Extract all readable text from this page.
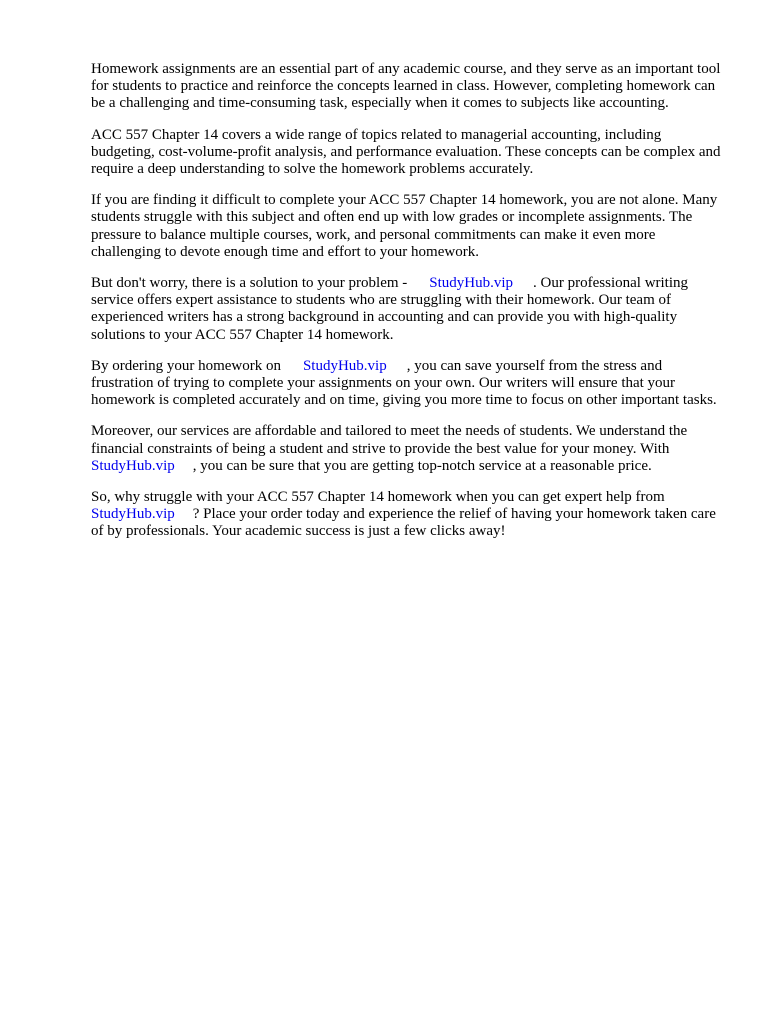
Homework assignments are an essential part of any academic course, and they serve as an important tool for students to practice and reinforce the concepts learned in class. However, completing homework can be a challenging and time-consuming task, especially when it comes to subjects like accounting.

ACC 557 Chapter 14 covers a wide range of topics related to managerial accounting, including budgeting, cost-volume-profit analysis, and performance evaluation. These concepts can be complex and require a deep understanding to solve the homework problems accurately.

If you are finding it difficult to complete your ACC 557 Chapter 14 homework, you are not alone. Many students struggle with this subject and often end up with low grades or incomplete assignments. The pressure to balance multiple courses, work, and personal commitments can make it even more challenging to devote enough time and effort to your homework.

But don't worry, there is a solution to your problem - StudyHub.vip . Our professional writing service offers expert assistance to students who are struggling with their homework. Our team of experienced writers has a strong background in accounting and can provide you with high-quality solutions to your ACC 557 Chapter 14 homework.

By ordering your homework on StudyHub.vip , you can save yourself from the stress and frustration of trying to complete your assignments on your own. Our writers will ensure that your homework is completed accurately and on time, giving you more time to focus on other important tasks.

Moreover, our services are affordable and tailored to meet the needs of students. We understand the financial constraints of being a student and strive to provide the best value for your money. With StudyHub.vip , you can be sure that you are getting top-notch service at a reasonable price.

So, why struggle with your ACC 557 Chapter 14 homework when you can get expert help from StudyHub.vip ? Place your order today and experience the relief of having your homework taken care of by professionals. Your academic success is just a few clicks away!
